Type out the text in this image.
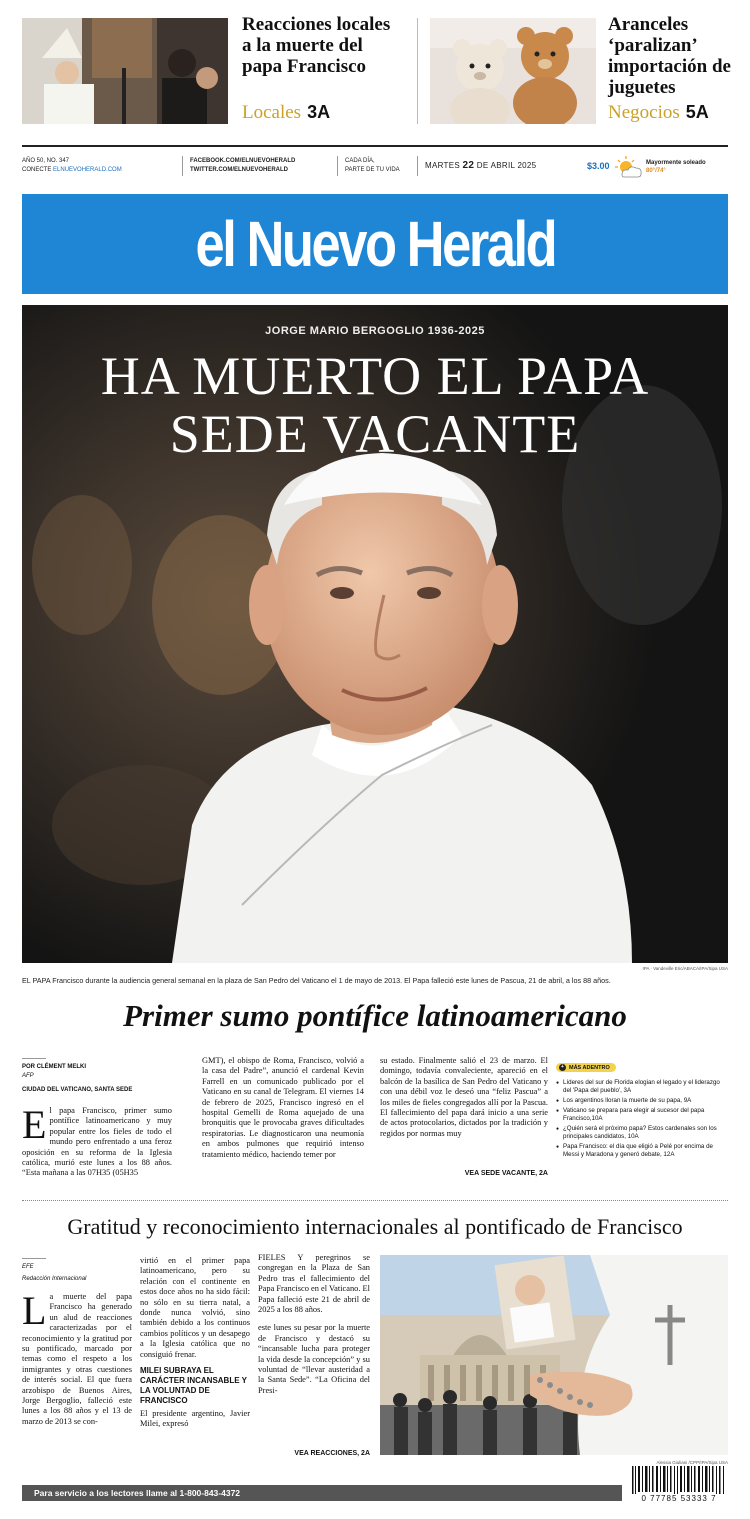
Reacciones locales a la muerte del papa Francisco
Locales 3A
Aranceles ‘paralizan’ importación de juguetes
Negocios 5A
AÑO 50, NO. 347
CONECTE ELNUEVOHERALD.COM
FACEBOOK.COM/ELNUEVOHERALD
TWITTER.COM/ELNUEVOHERALD
CADA DÍA,
PARTE DE TU VIDA	MARTES 22 DE ABRIL 2025	$3.00	Mayormente soleado
80°/74°
el Nuevo Herald
JORGE MARIO BERGOGLIO 1936-2025
HA MUERTO EL PAPA
SEDE VACANTE
IPA · Vandeville Eric/ABACA/IPA/Sipa USA
EL PAPA Francisco durante la audiencia general semanal en la plaza de San Pedro del Vaticano el 1 de mayo de 2013. El Papa falleció este lunes de Pascua, 21 de abril, a los 88 años.
Primer sumo pontífice latinoamericano
POR CLÉMENT MELKI
AFP
CIUDAD DEL VATICANO, SANTA SEDE
El papa Francisco, primer sumo pontífice latinoamericano y muy popular entre los fieles de todo el mundo pero enfrentado a una feroz oposición en su reforma de la Iglesia católica, murió este lunes a los 88 años. “Esta mañana a las 07H35 (05H35
GMT), el obispo de Roma, Francisco, volvió a la casa del Padre”, anunció el cardenal Kevin Farrell en un comunicado publicado por el Vaticano en su canal de Telegram. El viernes 14 de febrero de 2025, Francisco ingresó en el hospital Gemelli de Roma aquejado de una bronquitis que le provocaba graves dificultades respiratorias. Le diagnosticaron una neumonía en ambos pulmones que requirió intenso tratamiento médico, haciendo temer por
su estado. Finalmente salió el 23 de marzo. El domingo, todavía convaleciente, apareció en el balcón de la basílica de San Pedro del Vaticano y con una débil voz le deseó una “feliz Pascua” a los miles de fieles congregados allí por la Pascua. El fallecimiento del papa dará inicio a una serie de actos protocolarios, dictados por la tradición y regidos por normas muy
VEA SEDE VACANTE, 2A
+ MÁS ADENTRO
● Líderes del sur de Florida elogian el legado y el liderazgo del 'Papa del pueblo', 3A
● Los argentinos lloran la muerte de su papa, 9A
● Vaticano se prepara para elegir al sucesor del papa Francisco,10A
● ¿Quién será el próximo papa? Estos cardenales son los principales candidatos, 10A
● Papa Francisco: el día que eligió a Pelé por encima de Messi y Maradona y generó debate, 12A
Gratitud y reconocimiento internacionales al pontificado de Francisco
EFE
Redacción Internacional
La muerte del papa Francisco ha generado un alud de reacciones caracterizadas por el reconocimiento y la gratitud por su pontificado, marcado por temas como el respeto a los inmigrantes y otras cuestiones de interés social. El que fuera arzobispo de Buenos Aires, Jorge Bergoglio, falleció este lunes a los 88 años y el 13 de marzo de 2013 se con-
virtió en el primer papa latinoamericano, pero su relación con el continente en estos doce años no ha sido fácil: no sólo en su tierra natal, a donde nunca volvió, sino también debido a los continuos cambios políticos y un desapego a la Iglesia católica que no consiguió frenar.
MILEI SUBRAYA EL CARÁCTER INCANSABLE Y LA VOLUNTAD DE FRANCISCO
El presidente argentino, Javier Milei, expresó
FIELES Y peregrinos se congregan en la Plaza de San Pedro tras el fallecimiento del Papa Francisco en el Vaticano. El Papa falleció este 21 de abril de 2025 a los 88 años.
este lunes su pesar por la muerte de Francisco y destacó su “incansable lucha para proteger la vida desde la concepción” y su voluntad de “llevar austeridad a la Santa Sede”. “La Oficina del Presi-
VEA REACCIONES, 2A
Alessia Giuliani /CPP/IPA/Sipa USA
Para servicio a los lectores llame al 1-800-843-4372
0 77785 53333 7
